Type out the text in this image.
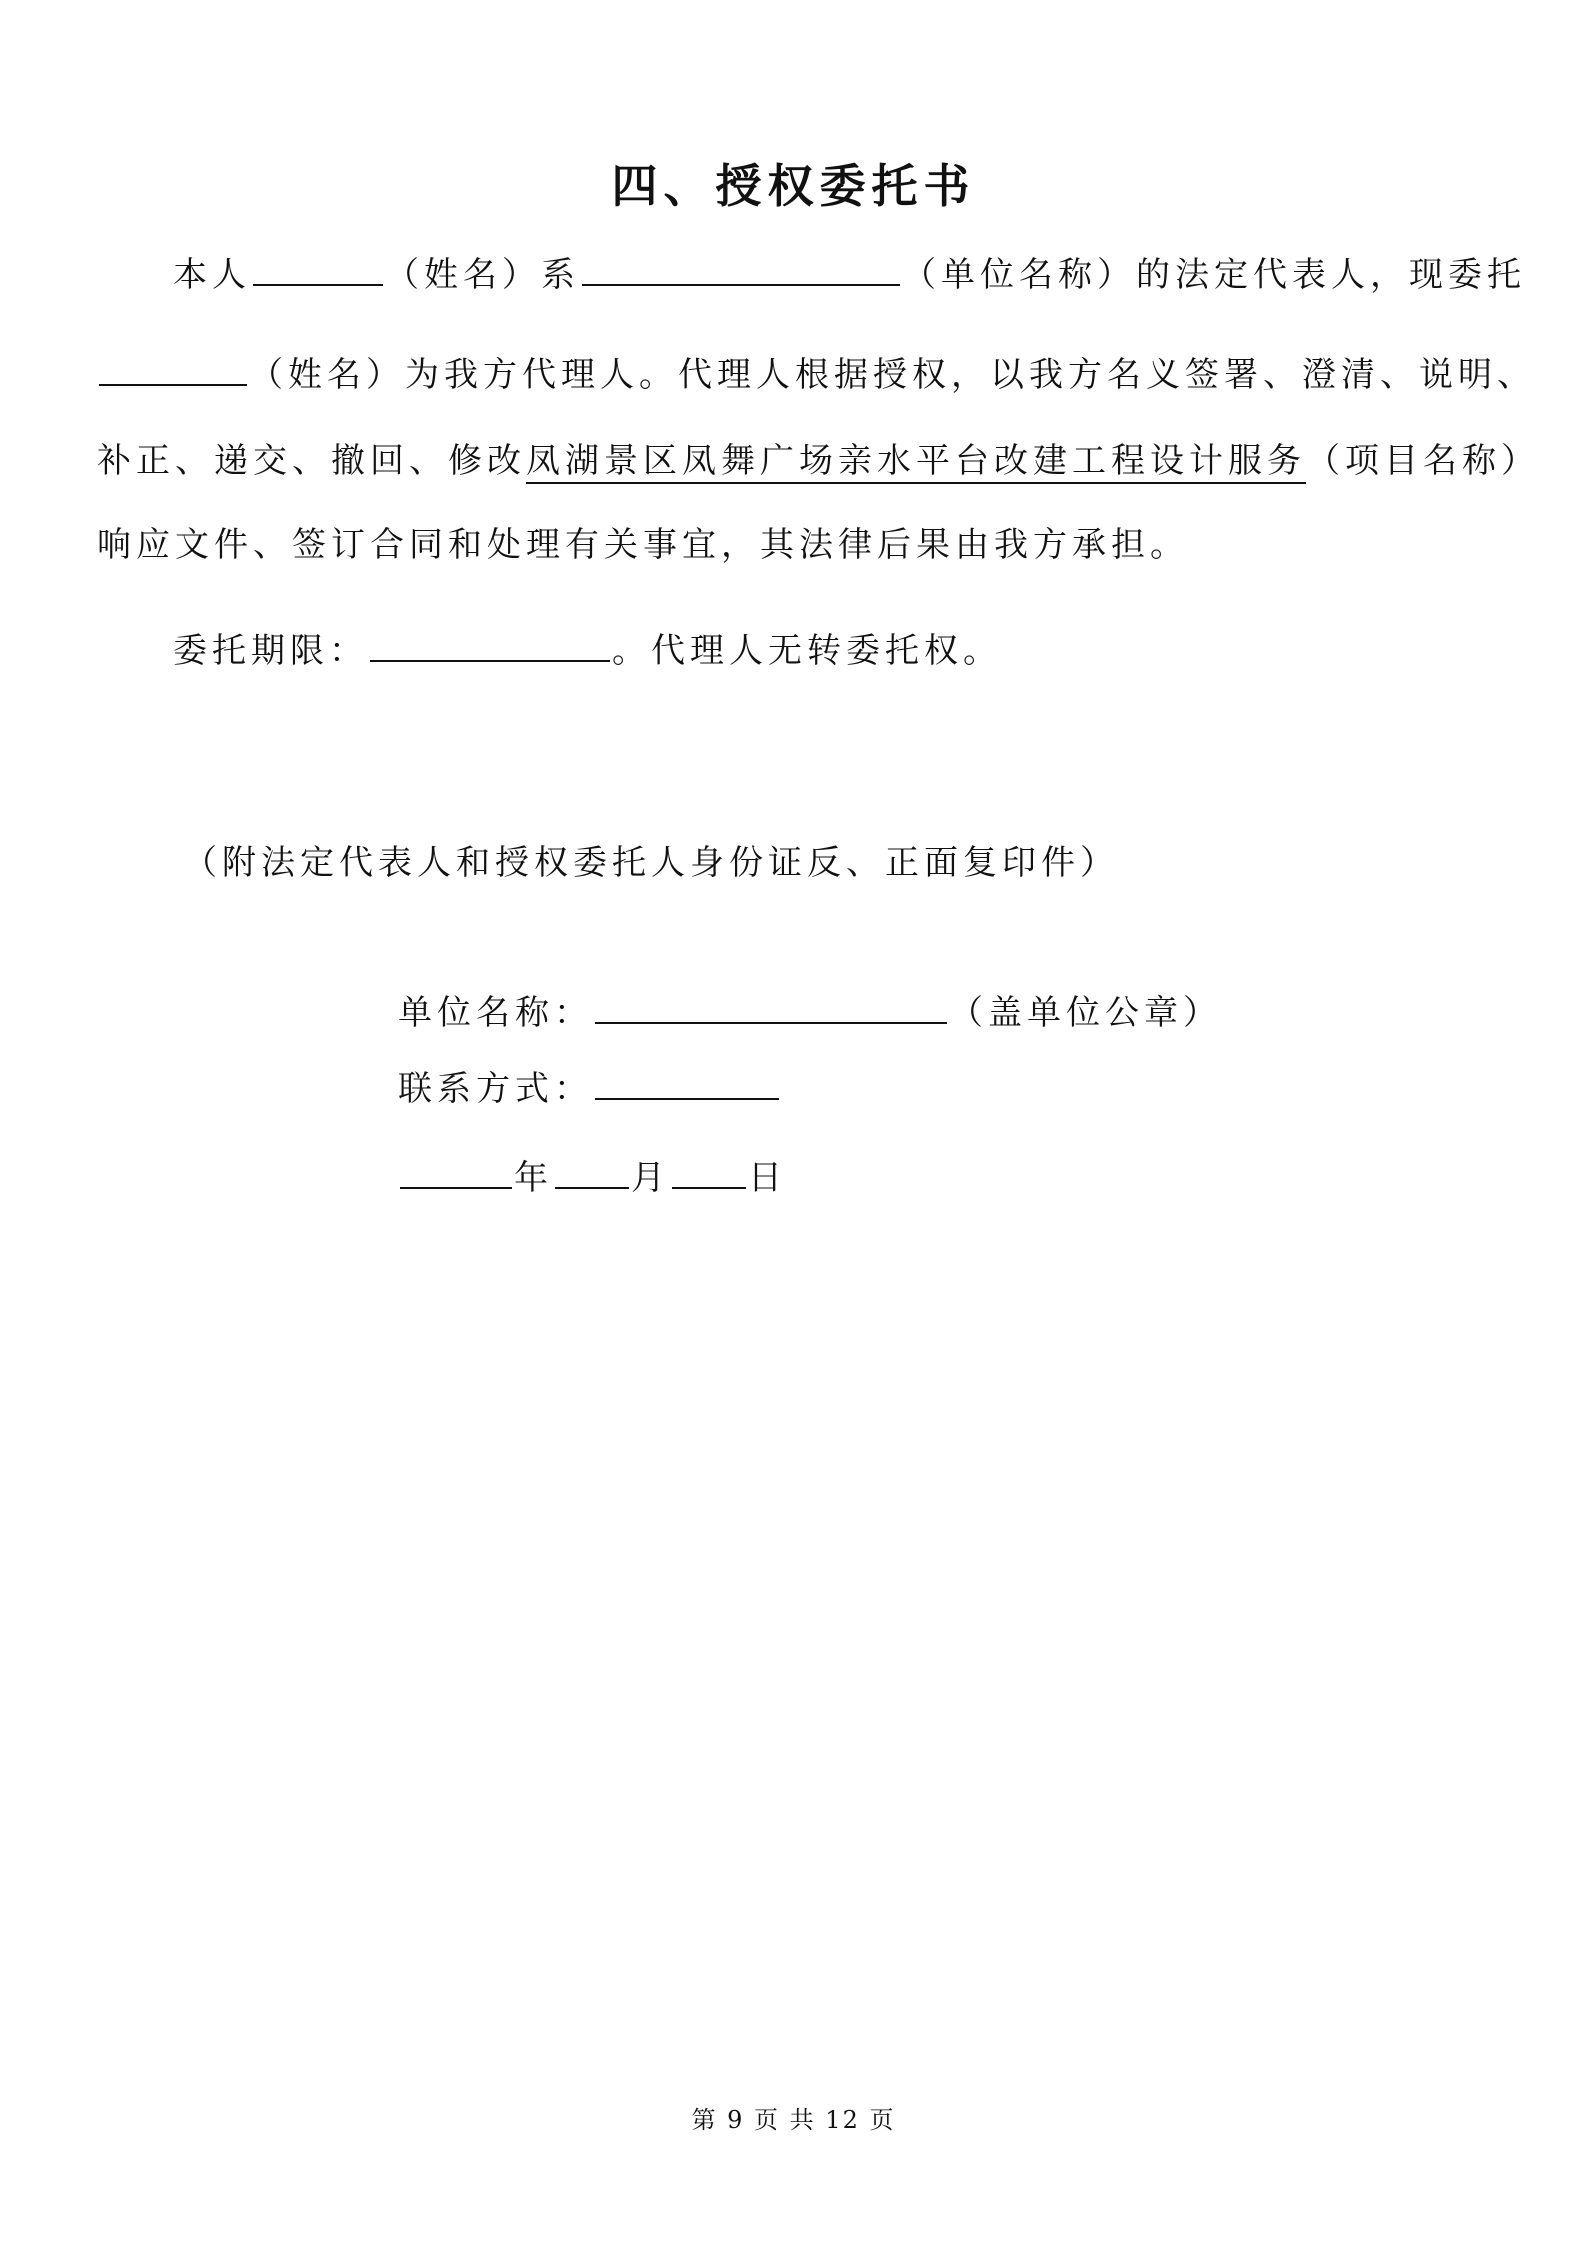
四、授权委托书
本人	（姓名）系	（单位名称）的法定代表人，现委托
（姓名）为我方代理人。代理人根据授权，以我方名义签署、澄清、说明、
补正、递交、撤回、修改凤湖景区凤舞广场亲水平台改建工程设计服务（项目名称）
响应文件、签订合同和处理有关事宜，其法律后果由我方承担。
委托期限：	。代理人无转委托权。
（附法定代表人和授权委托人身份证反、正面复印件）
单位名称：	（盖单位公章）
联系方式：
年 月 日
第 9 页 共 12 页
